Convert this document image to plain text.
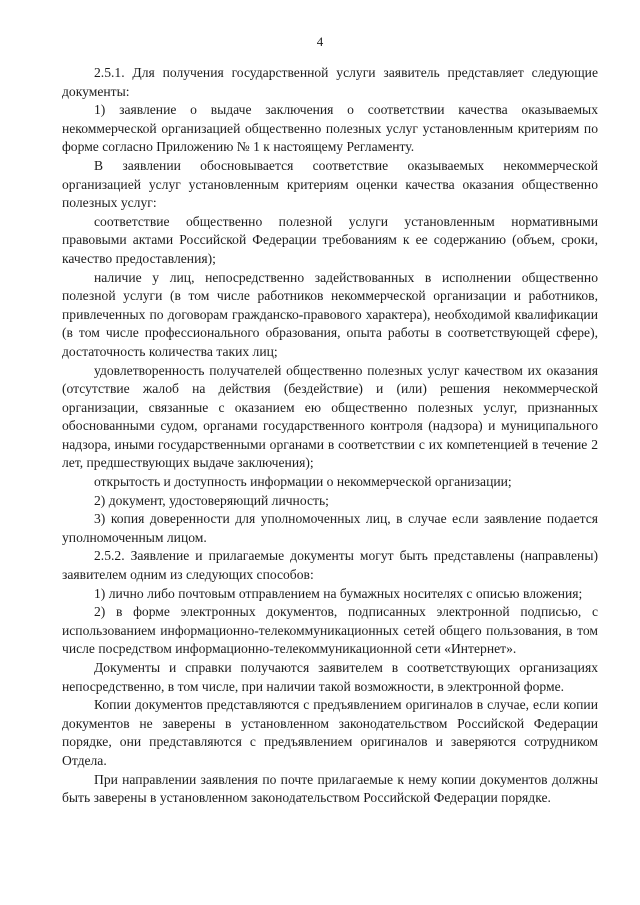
4

2.5.1. Для получения государственной услуги заявитель представляет следующие документы:

1) заявление о выдаче заключения о соответствии качества оказываемых некоммерческой организацией общественно полезных услуг установленным критериям по форме согласно Приложению № 1 к настоящему Регламенту.

В заявлении обосновывается соответствие оказываемых некоммерческой организацией услуг установленным критериям оценки качества оказания общественно полезных услуг:

соответствие общественно полезной услуги установленным нормативными правовыми актами Российской Федерации требованиям к ее содержанию (объем, сроки, качество предоставления);

наличие у лиц, непосредственно задействованных в исполнении общественно полезной услуги (в том числе работников некоммерческой организации и работников, привлеченных по договорам гражданско-правового характера), необходимой квалификации (в том числе профессионального образования, опыта работы в соответствующей сфере), достаточность количества таких лиц;

удовлетворенность получателей общественно полезных услуг качеством их оказания (отсутствие жалоб на действия (бездействие) и (или) решения некоммерческой организации, связанные с оказанием ею общественно полезных услуг, признанных обоснованными судом, органами государственного контроля (надзора) и муниципального надзора, иными государственными органами в соответствии с их компетенцией в течение 2 лет, предшествующих выдаче заключения);

открытость и доступность информации о некоммерческой организации;

2) документ, удостоверяющий личность;

3) копия доверенности для уполномоченных лиц, в случае если заявление подается уполномоченным лицом.

2.5.2. Заявление и прилагаемые документы могут быть представлены (направлены) заявителем одним из следующих способов:

1) лично либо почтовым отправлением на бумажных носителях с описью вложения;

2) в форме электронных документов, подписанных электронной подписью, с использованием информационно-телекоммуникационных сетей общего пользования, в том числе посредством информационно-телекоммуникационной сети «Интернет».

Документы и справки получаются заявителем в соответствующих организациях непосредственно, в том числе, при наличии такой возможности, в электронной форме.

Копии документов представляются с предъявлением оригиналов в случае, если копии документов не заверены в установленном законодательством Российской Федерации порядке, они представляются с предъявлением оригиналов и заверяются сотрудником Отдела.

При направлении заявления по почте прилагаемые к нему копии документов должны быть заверены в установленном законодательством Российской Федерации порядке.
